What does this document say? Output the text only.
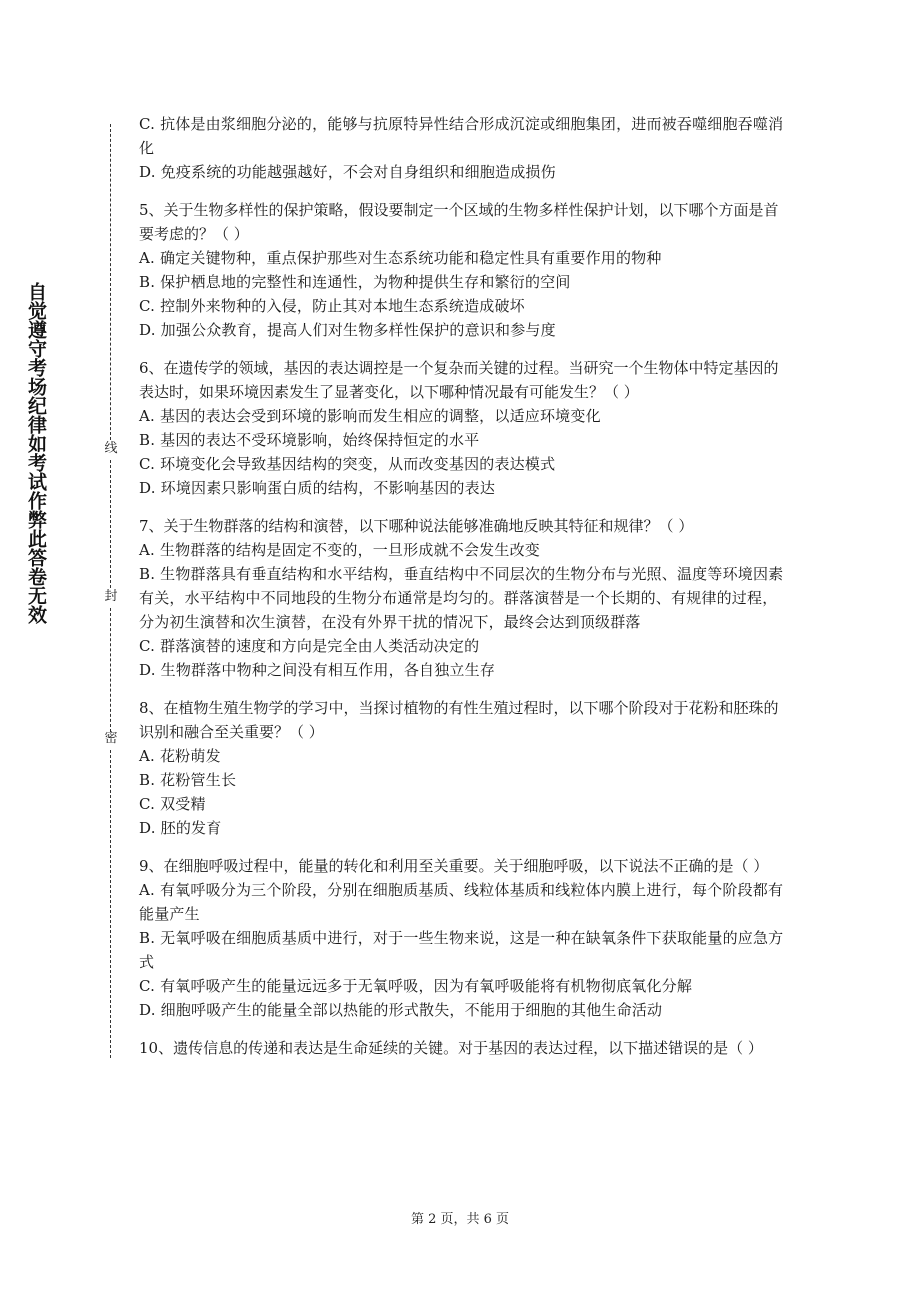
自觉遵守考场纪律如考试作弊此答卷无效	线
封
密

C. 抗体是由浆细胞分泌的，能够与抗原特异性结合形成沉淀或细胞集团，进而被吞噬细胞吞噬消化

D. 免疫系统的功能越强越好，不会对自身组织和细胞造成损伤

5、关于生物多样性的保护策略，假设要制定一个区域的生物多样性保护计划，以下哪个方面是首要考虑的？（ ）

A. 确定关键物种，重点保护那些对生态系统功能和稳定性具有重要作用的物种

B. 保护栖息地的完整性和连通性，为物种提供生存和繁衍的空间

C. 控制外来物种的入侵，防止其对本地生态系统造成破坏

D. 加强公众教育，提高人们对生物多样性保护的意识和参与度

6、在遗传学的领域，基因的表达调控是一个复杂而关键的过程。当研究一个生物体中特定基因的表达时，如果环境因素发生了显著变化，以下哪种情况最有可能发生？（ ）

A. 基因的表达会受到环境的影响而发生相应的调整，以适应环境变化

B. 基因的表达不受环境影响，始终保持恒定的水平

C. 环境变化会导致基因结构的突变，从而改变基因的表达模式

D. 环境因素只影响蛋白质的结构，不影响基因的表达

7、关于生物群落的结构和演替，以下哪种说法能够准确地反映其特征和规律？（ ）

A. 生物群落的结构是固定不变的，一旦形成就不会发生改变

B. 生物群落具有垂直结构和水平结构，垂直结构中不同层次的生物分布与光照、温度等环境因素有关，水平结构中不同地段的生物分布通常是均匀的。群落演替是一个长期的、有规律的过程，分为初生演替和次生演替，在没有外界干扰的情况下，最终会达到顶级群落

C. 群落演替的速度和方向是完全由人类活动决定的

D. 生物群落中物种之间没有相互作用，各自独立生存

8、在植物生殖生物学的学习中，当探讨植物的有性生殖过程时，以下哪个阶段对于花粉和胚珠的识别和融合至关重要？（ ）

A. 花粉萌发

B. 花粉管生长

C. 双受精

D. 胚的发育

9、在细胞呼吸过程中，能量的转化和利用至关重要。关于细胞呼吸，以下说法不正确的是（ ）

A. 有氧呼吸分为三个阶段，分别在细胞质基质、线粒体基质和线粒体内膜上进行，每个阶段都有能量产生

B. 无氧呼吸在细胞质基质中进行，对于一些生物来说，这是一种在缺氧条件下获取能量的应急方式

C. 有氧呼吸产生的能量远远多于无氧呼吸，因为有氧呼吸能将有机物彻底氧化分解

D. 细胞呼吸产生的能量全部以热能的形式散失，不能用于细胞的其他生命活动

10、遗传信息的传递和表达是生命延续的关键。对于基因的表达过程，以下描述错误的是（ ）

第 2 页，共 6 页
